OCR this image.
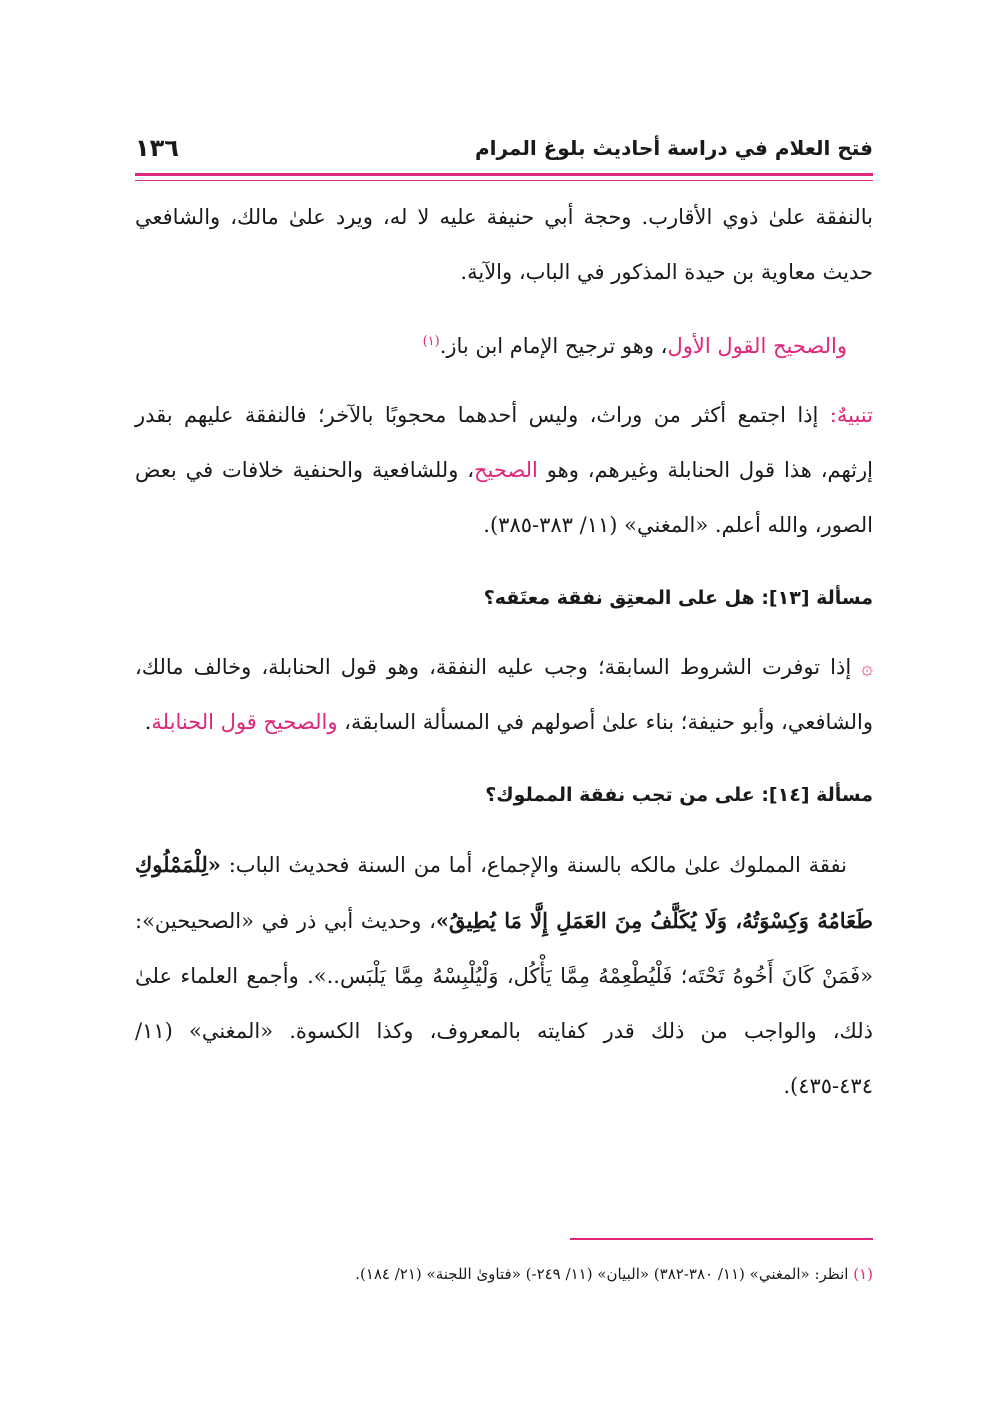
فتح العلام في دراسة أحاديث بلوغ المرام
١٣٦

بالنفقة علىٰ ذوي الأقارب. وحجة أبي حنيفة عليه لا له، ويرد علىٰ مالك، والشافعي حديث معاوية بن حيدة المذكور في الباب، والآية.

والصحيح القول الأول، وهو ترجيح الإمام ابن باز.$^{(١)}$

تنبيهٌ: إذا اجتمع أكثر من وراث، وليس أحدهما محجوبًا بالآخر؛ فالنفقة عليهم بقدر إرثهم، هذا قول الحنابلة وغيرهم، وهو الصحيح، وللشافعية والحنفية خلافات في بعض الصور، والله أعلم. «المغني» (١١/ ٣٨٣-٣٨٥).

مسألة [١٣]: هل على المعتِق نفقة معتَقه؟

۞ إذا توفرت الشروط السابقة؛ وجب عليه النفقة، وهو قول الحنابلة، وخالف مالك، والشافعي، وأبو حنيفة؛ بناء علىٰ أصولهم في المسألة السابقة، والصحيح قول الحنابلة.

مسألة [١٤]: على من تجب نفقة المملوك؟

نفقة المملوك علىٰ مالكه بالسنة والإجماع، أما من السنة فحديث الباب: «لِلْمَمْلُوكِ طَعَامُهُ وَكِسْوَتُهُ، وَلَا يُكَلَّفُ مِنَ العَمَلِ إِلَّا مَا يُطِيقُ»، وحديث أبي ذر في «الصحيحين»: «فَمَنْ كَانَ أَخُوهُ تَحْتَه؛ فَلْيُطْعِمْهُ مِمَّا يَأْكُل، وَلْيُلْبِسْهُ مِمَّا يَلْبَس..». وأجمع العلماء علىٰ ذلك، والواجب من ذلك قدر كفايته بالمعروف، وكذا الكسوة. «المغني» (١١/ ٤٣٤-٤٣٥).

(١) انظر: «المغني» (١١/ ٣٨٠-٣٨٢) «البيان» (١١/ ٢٤٩-) «فتاوىٰ اللجنة» (٢١/ ١٨٤).
